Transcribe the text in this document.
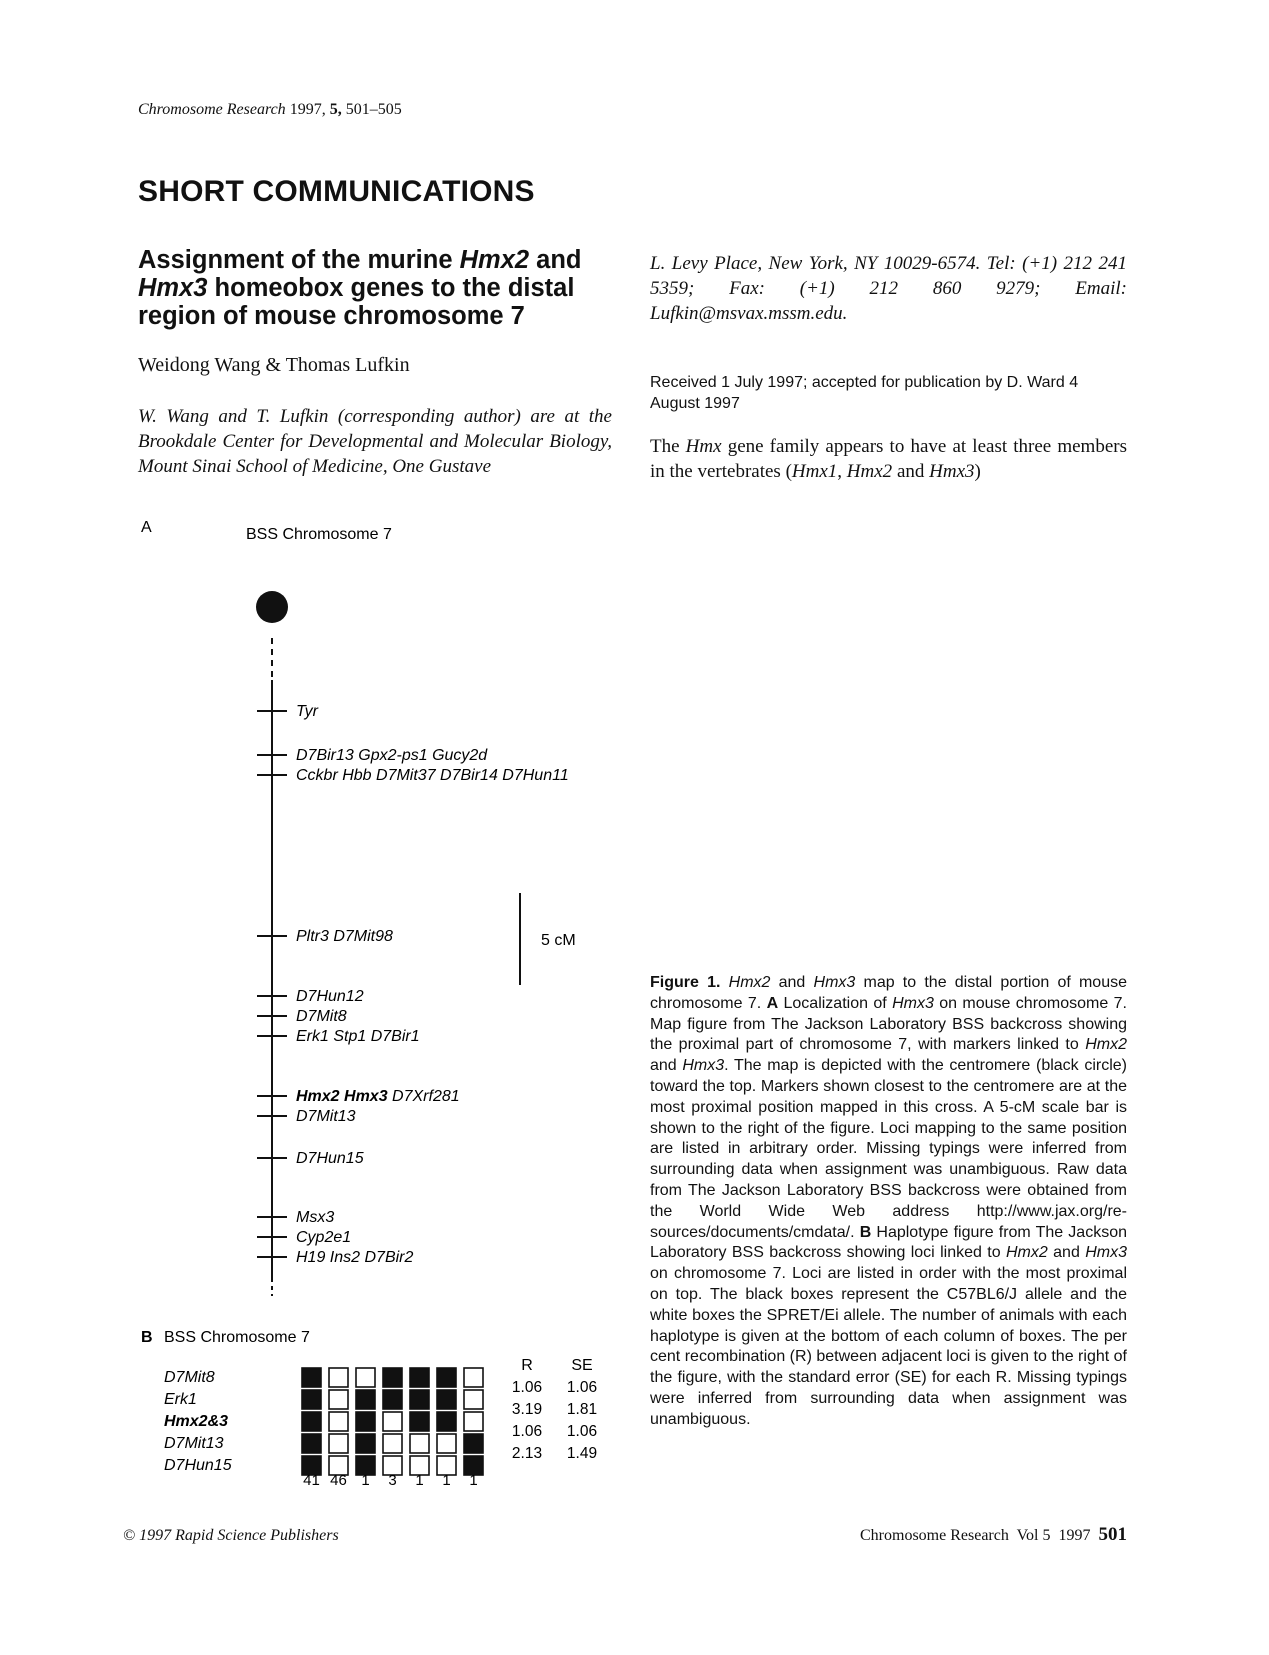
Chromosome Research 1997, 5, 501–505
SHORT COMMUNICATIONS
Assignment of the murine Hmx2 and Hmx3 homeobox genes to the distal region of mouse chromosome 7
Weidong Wang & Thomas Lufkin
W. Wang and T. Lufkin (corresponding author) are at the Brookdale Center for Developmental and Molecular Biology, Mount Sinai School of Medicine, One Gustave
L. Levy Place, New York, NY 10029-6574. Tel: (+1) 212 241 5359; Fax: (+1) 212 860 9279; Email: Lufkin@msvax.mssm.edu.
Received 1 July 1997; accepted for publication by D. Ward 4 August 1997
The Hmx gene family appears to have at least three members in the vertebrates (Hmx1, Hmx2 and Hmx3)
A	BSS Chromosome 7
Tyr
D7Bir13 Gpx2-ps1 Gucy2d
Cckbr Hbb D7Mit37 D7Bir14 D7Hun11
Pltr3 D7Mit98
D7Hun12
D7Mit8
Erk1 Stp1 D7Bir1
Hmx2 Hmx3 D7Xrf281
D7Mit13
D7Hun15
Msx3
Cyp2e1
H19 Ins2 D7Bir2
5 cM
B BSS Chromosome 7
D7Mit8
Erk1
Hmx2&3
D7Mit13
D7Hun15
41 46 1 3 1 1 1
R SE
1.06 1.06
3.19 1.81
1.06 1.06
2.13 1.49
Figure 1. Hmx2 and Hmx3 map to the distal portion of mouse chromosome 7. A Localization of Hmx3 on mouse chromosome 7. Map figure from The Jackson Laboratory BSS backcross showing the proximal part of chromosome 7, with markers linked to Hmx2 and Hmx3. The map is depicted with the centromere (black circle) toward the top. Markers shown closest to the centromere are at the most proximal position mapped in this cross. A 5-cM scale bar is shown to the right of the figure. Loci mapping to the same position are listed in arbitrary order. Missing typings were inferred from surrounding data when assignment was unambiguous. Raw data from The Jackson Laboratory BSS backcross were obtained from the World Wide Web address http://www.jax.org/re-sources/documents/cmdata/. B Haplotype figure from The Jackson Laboratory BSS backcross showing loci linked to Hmx2 and Hmx3 on chromosome 7. Loci are listed in order with the most proximal on top. The black boxes represent the C57BL6/J allele and the white boxes the SPRET/Ei allele. The number of animals with each haplotype is given at the bottom of each column of boxes. The per cent recombination (R) between adjacent loci is given to the right of the figure, with the standard error (SE) for each R. Missing typings were inferred from surrounding data when assignment was unambiguous.
© 1997 Rapid Science Publishers	Chromosome Research  Vol 5  1997 501
